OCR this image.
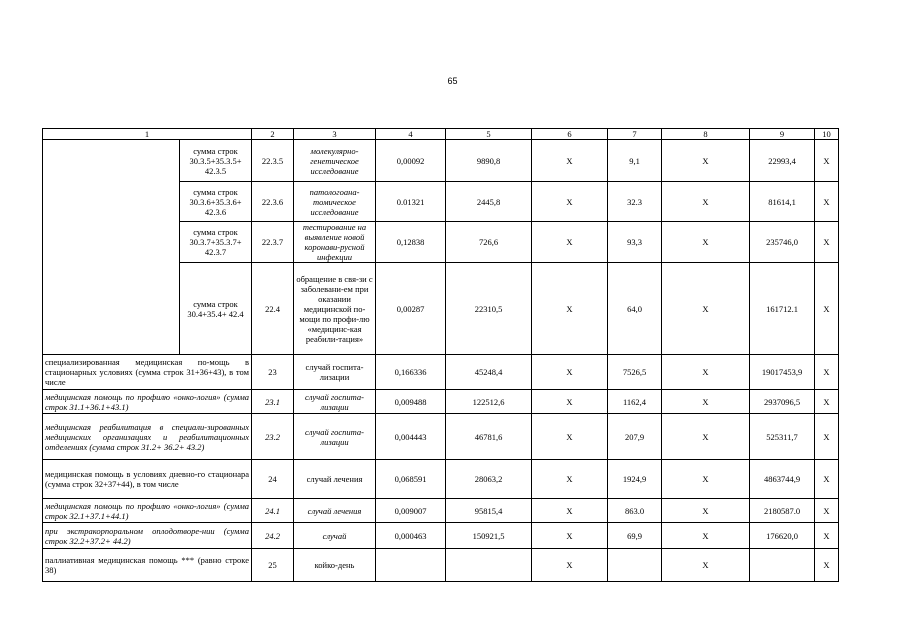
65
1		2	3	4	5	6	7	8	9	10
	сумма строк 30.3.5+35.3.5+ 42.3.5	22.3.5	молекулярно-генетическое исследование	0,00092	9890,8	X	9,1	X	22993,4	X
	сумма строк 30.3.6+35.3.6+ 42.3.6	22.3.6	патологоана-томическое исследование	0.01321	2445,8	X	32.3	X	81614,1	X
	сумма строк 30.3.7+35.3.7+ 42.3.7	22.3.7	тестирование на выявление новой коронави-русной инфекции	0,12838	726,6	X	93,3	X	235746,0	X
	сумма строк 30.4+35.4+ 42.4	22.4	обращение в свя-зи с заболевани-ем при оказании медицинской по-мощи по профи-лю «медицинс-кая реабили-тация»	0,00287	22310,5	X	64,0	X	161712.1	X
специализированная медицинская по-мощь в стационарных условиях (сумма строк 31+36+43), в том числе		23	случай госпита-лизации	0,166336	45248,4	X	7526,5	X	19017453,9	X
медицинская помощь по профилю «онко-логия» (сумма строк 31.1+36.1+43.1)		23.1	случай госпита-лизации	0,009488	122512,6	X	1162,4	X	2937096,5	X
медицинская реабилитация в специали-зированных медицинских организациях и реабилитационных отделениях (сумма строк 31.2+ 36.2+ 43.2)		23.2	случай госпита-лизации	0,004443	46781,6	X	207,9	X	525311,7	X
медицинская помощь в условиях дневно-го стационара (сумма строк 32+37+44), в том числе		24	случай лечения	0,068591	28063,2	X	1924,9	X	4863744,9	X
медицинская помощь по профилю «онко-логия» (сумма строк 32.1+37.1+44.1)		24.1	случай лечения	0,009007	95815,4	X	863.0	X	2180587.0	X
при экстракорпоральном оплодотворе-нии (сумма строк 32.2+37.2+ 44.2)		24.2	случай	0,000463	150921,5	X	69,9	X	176620,0	X
паллиативная медицинская помощь *** (равно строке 38)		25	койко-день			X		X		X
